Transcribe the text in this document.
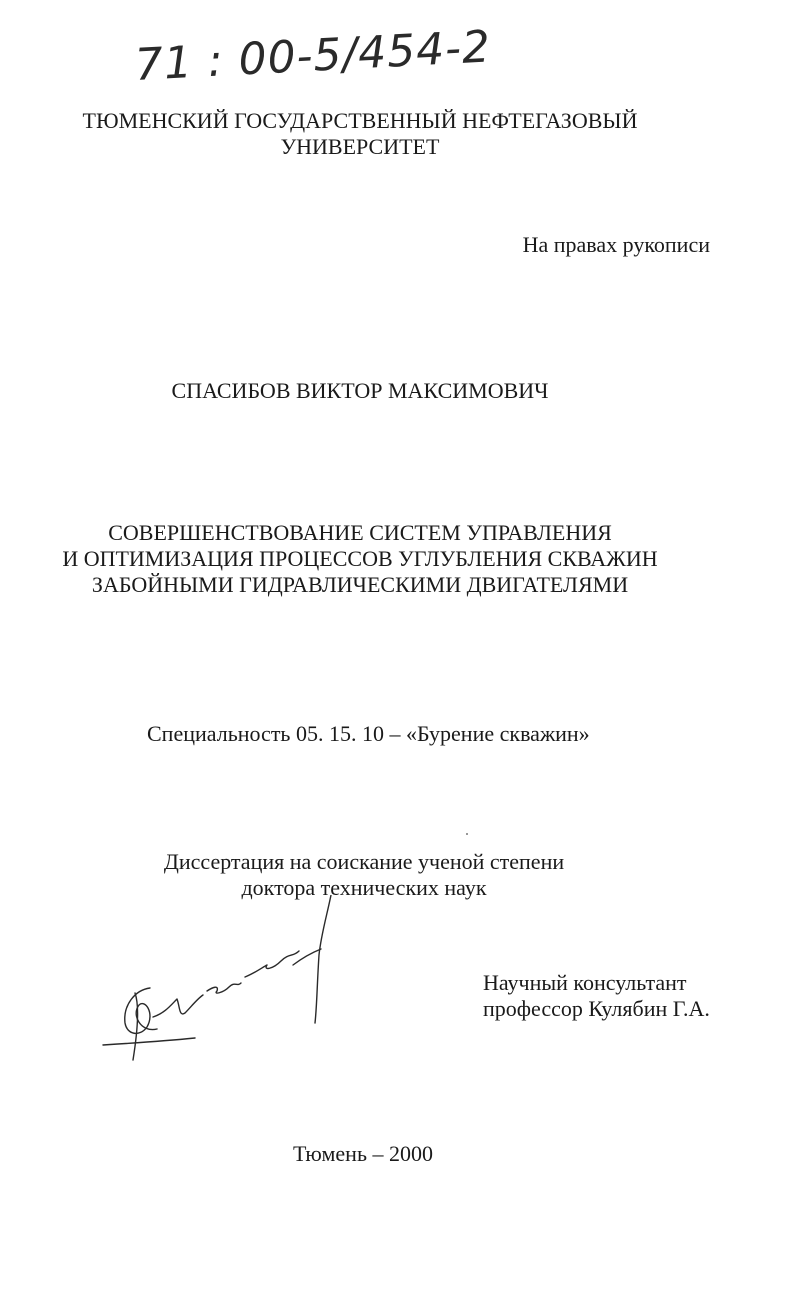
71 : 00-5/454-2
ТЮМЕНСКИЙ ГОСУДАРСТВЕННЫЙ НЕФТЕГАЗОВЫЙ
УНИВЕРСИТЕТ
На правах рукописи
СПАСИБОВ ВИКТОР МАКСИМОВИЧ
СОВЕРШЕНСТВОВАНИЕ СИСТЕМ УПРАВЛЕНИЯ
И ОПТИМИЗАЦИЯ ПРОЦЕССОВ УГЛУБЛЕНИЯ СКВАЖИН
ЗАБОЙНЫМИ ГИДРАВЛИЧЕСКИМИ ДВИГАТЕЛЯМИ
Специальность 05. 15. 10 – «Бурение скважин»
Диссертация на соискание ученой степени
доктора технических наук
Научный консультант
профессор Кулябин Г.А.
Тюмень – 2000
